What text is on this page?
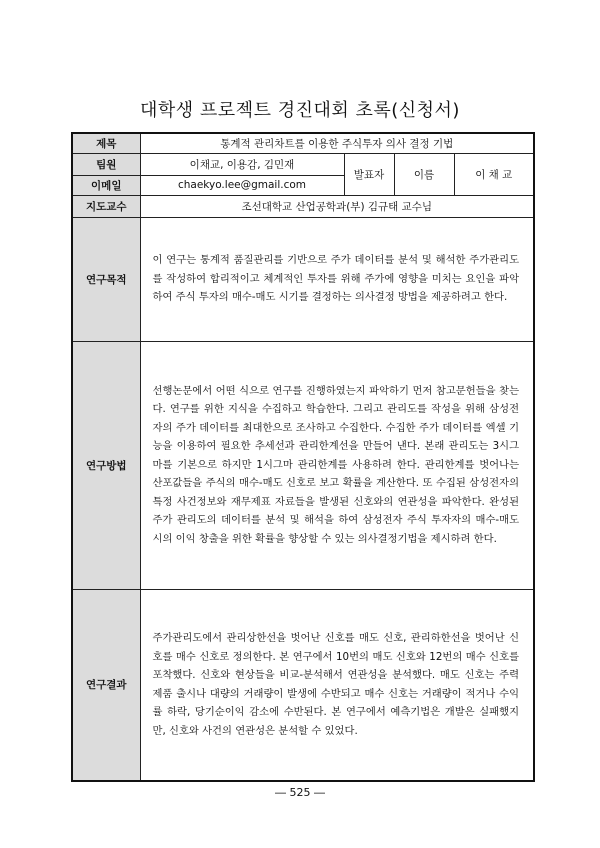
대학생 프로젝트 경진대회 초록(신청서)
제목	통계적 관리차트를 이용한 주식투자 의사 결정 기법			
팀원	이채교, 이용감, 김민재	발표자	이름	이 채 교
이메일	chaekyo.lee@gmail.com			
지도교수	조선대학교 산업공학과(부) 김규태 교수님			
연구목적	이 연구는 통계적 품질관리를 기반으로 주가 데이터를 분석 및 해석한 주가관리도를 작성하여 합리적이고 체계적인 투자를 위해 주가에 영향을 미치는 요인을 파악하여 주식 투자의 매수-매도 시기를 결정하는 의사결정 방법을 제공하려고 한다.			

연구방법	선행논문에서 어떤 식으로 연구를 진행하였는지 파악하기 먼저 참고문헌들을 찾는다. 연구를 위한 지식을 수집하고 학습한다. 그리고 관리도를 작성을 위해 삼성전자의 주가 데이터를 최대한으로 조사하고 수집한다. 수집한 주가 데이터를 엑셀 기능을 이용하여 필요한 추세선과 관리한계선을 만들어 낸다. 본래 관리도는 3시그마를 기본으로 하지만 1시그마 관리한계를 사용하려 한다. 관리한계를 벗어나는 산포값들을 주식의 매수-매도 신호로 보고 확률을 계산한다. 또 수집된 삼성전자의 특정 사건정보와 재무제표 자료들을 발생된 신호와의 연관성을 파악한다. 완성된 주가 관리도의 데이터를 분석 및 해석을 하여 삼성전자 주식 투자자의 매수-매도 시의 이익 창출을 위한 확률을 향상할 수 있는 의사결정기법을 제시하려 한다.			

연구결과	주가관리도에서 관리상한선을 벗어난 신호를 매도 신호, 관리하한선을 벗어난 신호를 매수 신호로 정의한다. 본 연구에서 10번의 매도 신호와 12번의 매수 신호를 포착했다. 신호와 현상들을 비교-분석해서 연관성을 분석했다. 매도 신호는 주력 제품 출시나 대량의 거래량이 발생에 수반되고 매수 신호는 거래량이 적거나 수익률 하락, 당기순이익 감소에 수반된다. 본 연구에서 예측기법은 개발은 실패했지만, 신호와 사건의 연관성은 분석할 수 있었다.			
― 525 ―
